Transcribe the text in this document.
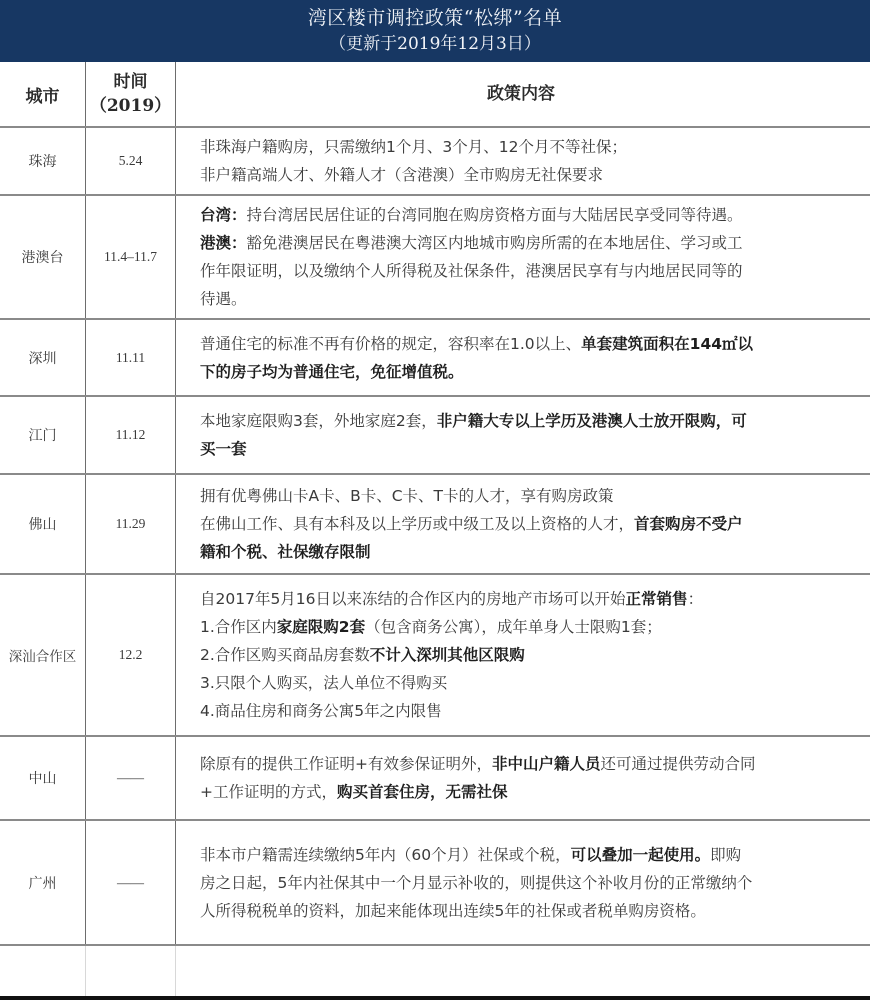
湾区楼市调控政策“松绑”名单
（更新于2019年12月3日）
城市
时间
（2019）
政策内容
珠海	5.24
非珠海户籍购房，只需缴纳1个月、3个月、12个月不等社保；
非户籍高端人才、外籍人才（含港澳）全市购房无社保要求
港澳台	11.4–11.7
台湾：持台湾居民居住证的台湾同胞在购房资格方面与大陆居民享受同等待遇。
港澳：豁免港澳居民在粤港澳大湾区内地城市购房所需的在本地居住、学习或工
作年限证明，以及缴纳个人所得税及社保条件，港澳居民享有与内地居民同等的
待遇。
深圳	11.11
普通住宅的标准不再有价格的规定，容积率在1.0以上、单套建筑面积在144㎡以
下的房子均为普通住宅，免征增值税。
江门	11.12
本地家庭限购3套，外地家庭2套，非户籍大专以上学历及港澳人士放开限购，可
买一套
佛山	11.29
拥有优粤佛山卡A卡、B卡、C卡、T卡的人才，享有购房政策
在佛山工作、具有本科及以上学历或中级工及以上资格的人才，首套购房不受户
籍和个税、社保缴存限制
深汕合作区	12.2
自2017年5月16日以来冻结的合作区内的房地产市场可以开始正常销售：
1.合作区内家庭限购2套（包含商务公寓），成年单身人士限购1套；
2.合作区购买商品房套数不计入深圳其他区限购
3.只限个人购买，法人单位不得购买
4.商品住房和商务公寓5年之内限售
中山	——
除原有的提供工作证明+有效参保证明外，非中山户籍人员还可通过提供劳动合同
+工作证明的方式，购买首套住房，无需社保
广州	——
非本市户籍需连续缴纳5年内（60个月）社保或个税，可以叠加一起使用。即购
房之日起，5年内社保其中一个月显示补收的，则提供这个补收月份的正常缴纳个
人所得税税单的资料，加起来能体现出连续5年的社保或者税单购房资格。
